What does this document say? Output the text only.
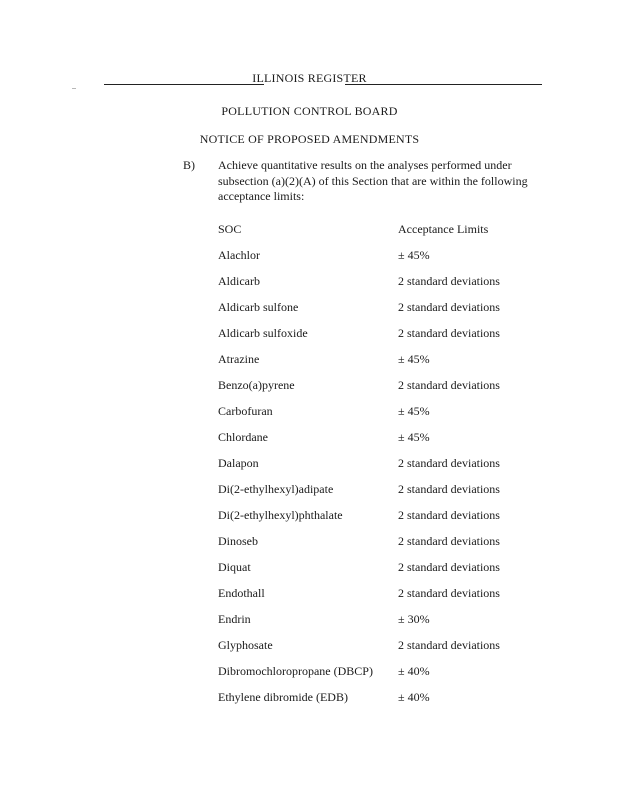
..
ILLINOIS REGISTER
POLLUTION CONTROL BOARD
NOTICE OF PROPOSED AMENDMENTS
B) Achieve quantitative results on the analyses performed under subsection (a)(2)(A) of this Section that are within the following acceptance limits:
SOC	Acceptance Limits
Alachlor	± 45%
Aldicarb	2 standard deviations
Aldicarb sulfone	2 standard deviations
Aldicarb sulfoxide	2 standard deviations
Atrazine	± 45%
Benzo(a)pyrene	2 standard deviations
Carbofuran	± 45%
Chlordane	± 45%
Dalapon	2 standard deviations
Di(2-ethylhexyl)adipate	2 standard deviations
Di(2-ethylhexyl)phthalate	2 standard deviations
Dinoseb	2 standard deviations
Diquat	2 standard deviations
Endothall	2 standard deviations
Endrin	± 30%
Glyphosate	2 standard deviations
Dibromochloropropane (DBCP) ± 40%
Ethylene dibromide (EDB)	± 40%
